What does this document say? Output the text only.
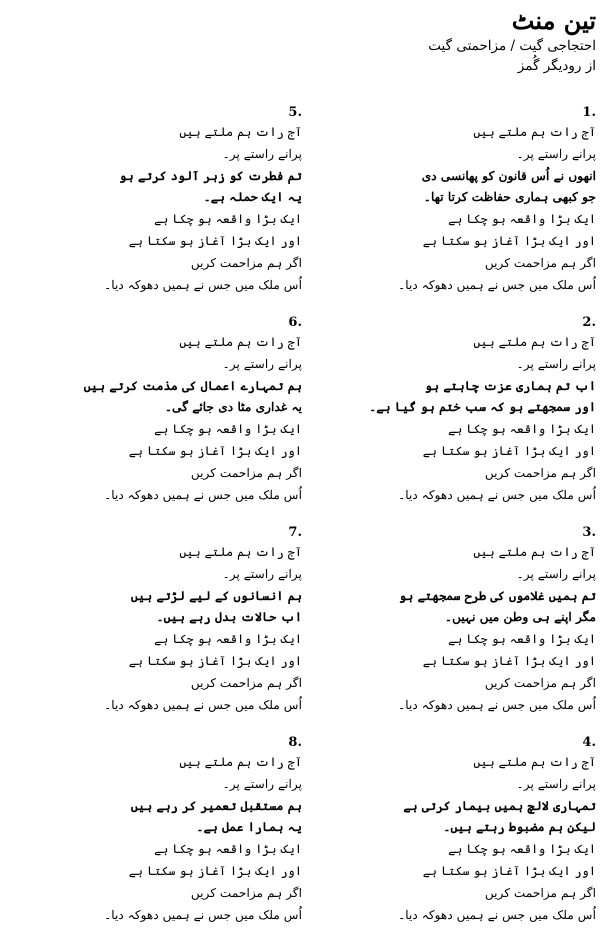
تین منٹ
احتجاجی گیت / مزاحمتی گیت
از رودیگر گُمز
1.
آج رات ہم ملتے ہیں
پرانے راستے پر۔
انھوں نے اُس قانون کو پھانسی دی
جو کبھی ہماری حفاظت کرتا تھا۔
ایک بڑا واقعہ ہو چکا ہے
اور ایک بڑا آغاز ہو سکتا ہے
اگر ہم مزاحمت کریں
اُس ملک میں جس نے ہمیں دھوکہ دیا۔
5.
آج رات ہم ملتے ہیں
پرانے راستے پر۔
تم فطرت کو زہر آلود کرتے ہو
یہ ایک حملہ ہے۔
ایک بڑا واقعہ ہو چکا ہے
اور ایک بڑا آغاز ہو سکتا ہے
اگر ہم مزاحمت کریں
اُس ملک میں جس نے ہمیں دھوکہ دیا۔
2.
آج رات ہم ملتے ہیں
پرانے راستے پر۔
اب تم ہماری عزت چاہتے ہو
اور سمجھتے ہو کہ سب ختم ہو گیا ہے۔
ایک بڑا واقعہ ہو چکا ہے
اور ایک بڑا آغاز ہو سکتا ہے
اگر ہم مزاحمت کریں
اُس ملک میں جس نے ہمیں دھوکہ دیا۔
6.
آج رات ہم ملتے ہیں
پرانے راستے پر۔
ہم تمہارے اعمال کی مذمت کرتے ہیں
یہ غداری مٹا دی جائے گی۔
ایک بڑا واقعہ ہو چکا ہے
اور ایک بڑا آغاز ہو سکتا ہے
اگر ہم مزاحمت کریں
اُس ملک میں جس نے ہمیں دھوکہ دیا۔
3.
آج رات ہم ملتے ہیں
پرانے راستے پر۔
تم ہمیں غلاموں کی طرح سمجھتے ہو
مگر اپنے ہی وطن میں نہیں۔
ایک بڑا واقعہ ہو چکا ہے
اور ایک بڑا آغاز ہو سکتا ہے
اگر ہم مزاحمت کریں
اُس ملک میں جس نے ہمیں دھوکہ دیا۔
7.
آج رات ہم ملتے ہیں
پرانے راستے پر۔
ہم انسانوں کے لیے لڑتے ہیں
اب حالات بدل رہے ہیں۔
ایک بڑا واقعہ ہو چکا ہے
اور ایک بڑا آغاز ہو سکتا ہے
اگر ہم مزاحمت کریں
اُس ملک میں جس نے ہمیں دھوکہ دیا۔
4.
آج رات ہم ملتے ہیں
پرانے راستے پر۔
تمہاری لالچ ہمیں بیمار کرتی ہے
لیکن ہم مضبوط رہتے ہیں۔
ایک بڑا واقعہ ہو چکا ہے
اور ایک بڑا آغاز ہو سکتا ہے
اگر ہم مزاحمت کریں
اُس ملک میں جس نے ہمیں دھوکہ دیا۔
8.
آج رات ہم ملتے ہیں
پرانے راستے پر۔
ہم مستقبل تعمیر کر رہے ہیں
یہ ہمارا عمل ہے۔
ایک بڑا واقعہ ہو چکا ہے
اور ایک بڑا آغاز ہو سکتا ہے
اگر ہم مزاحمت کریں
اُس ملک میں جس نے ہمیں دھوکہ دیا۔
